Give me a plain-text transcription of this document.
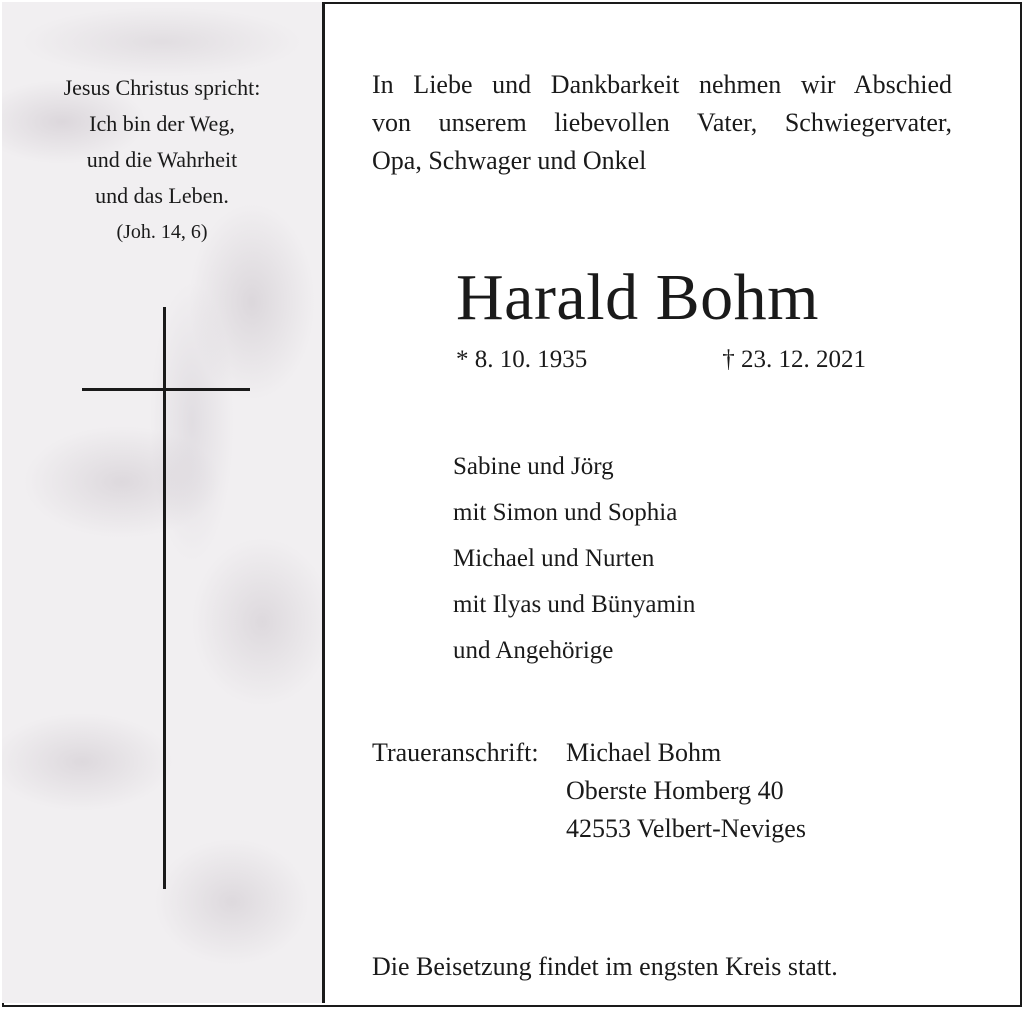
Jesus Christus spricht:
Ich bin der Weg,
und die Wahrheit
und das Leben.
(Joh. 14, 6)
In Liebe und Dankbarkeit nehmen wir Abschied
von unserem liebevollen Vater, Schwiegervater,
Opa, Schwager und Onkel
Harald Bohm
* 8. 10. 1935	† 23. 12. 2021
Sabine und Jörg
mit Simon und Sophia
Michael und Nurten
mit Ilyas und Bünyamin
und Angehörige
Traueranschrift: Michael Bohm
Oberste Homberg 40
42553 Velbert-Neviges
Die Beisetzung findet im engsten Kreis statt.
